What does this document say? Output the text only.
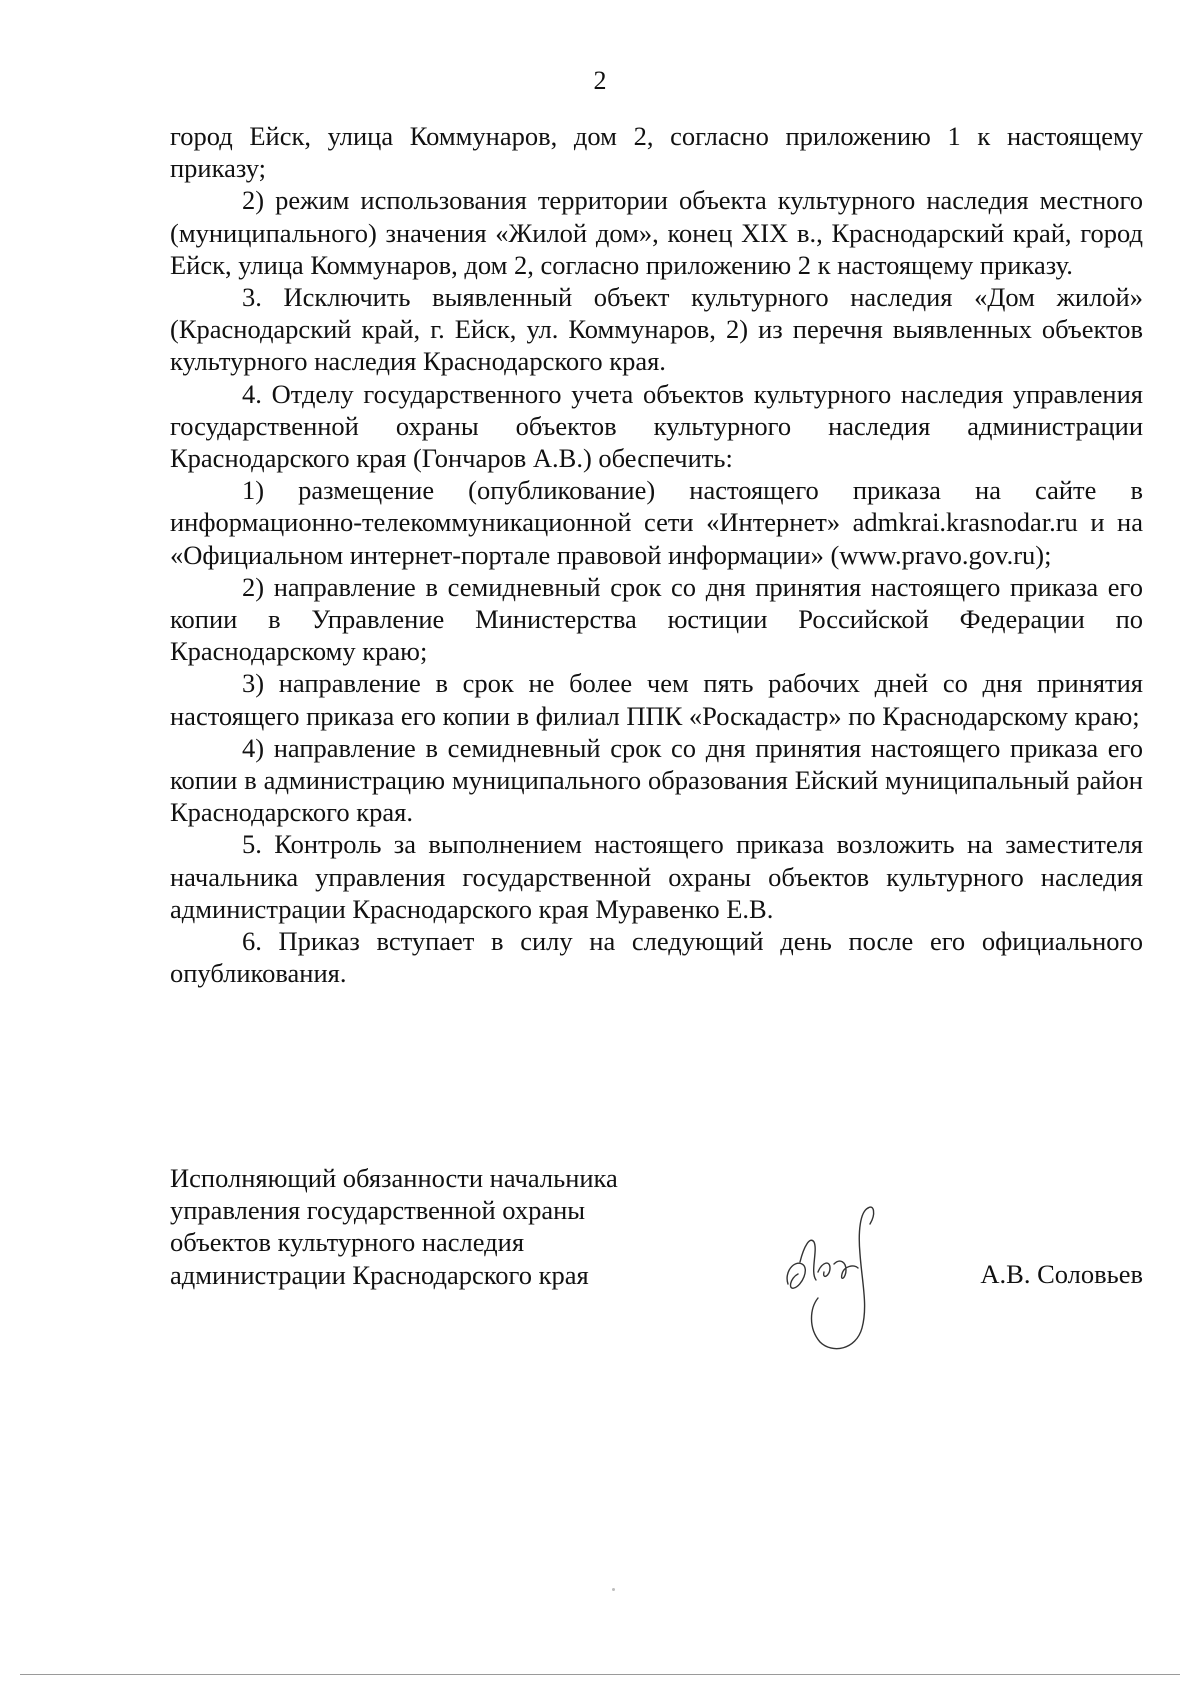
2

город Ейск, улица Коммунаров, дом 2, согласно приложению 1 к настоящему приказу;

2) режим использования территории объекта культурного наследия местного (муниципального) значения «Жилой дом», конец XIX в., Краснодарский край, город Ейск, улица Коммунаров, дом 2, согласно приложению 2 к настоящему приказу.

3. Исключить выявленный объект культурного наследия «Дом жилой» (Краснодарский край, г. Ейск, ул. Коммунаров, 2) из перечня выявленных объектов культурного наследия Краснодарского края.

4. Отделу государственного учета объектов культурного наследия управления государственной охраны объектов культурного наследия администрации Краснодарского края (Гончаров А.В.) обеспечить:

1) размещение (опубликование) настоящего приказа на сайте в информационно-телекоммуникационной сети «Интернет» admkrai.krasnodar.ru и на «Официальном интернет-портале правовой информации» (www.pravo.gov.ru);

2) направление в семидневный срок со дня принятия настоящего приказа его копии в Управление Министерства юстиции Российской Федерации по Краснодарскому краю;

3) направление в срок не более чем пять рабочих дней со дня принятия настоящего приказа его копии в филиал ППК «Роскадастр» по Краснодарскому краю;

4) направление в семидневный срок со дня принятия настоящего приказа его копии в администрацию муниципального образования Ейский муниципальный район Краснодарского края.

5. Контроль за выполнением настоящего приказа возложить на заместителя начальника управления государственной охраны объектов культурного наследия администрации Краснодарского края Муравенко Е.В.

6. Приказ вступает в силу на следующий день после его официального опубликования.

Исполняющий обязанности начальника
управления государственной охраны
объектов культурного наследия
администрации Краснодарского края	А.В. Соловьев
